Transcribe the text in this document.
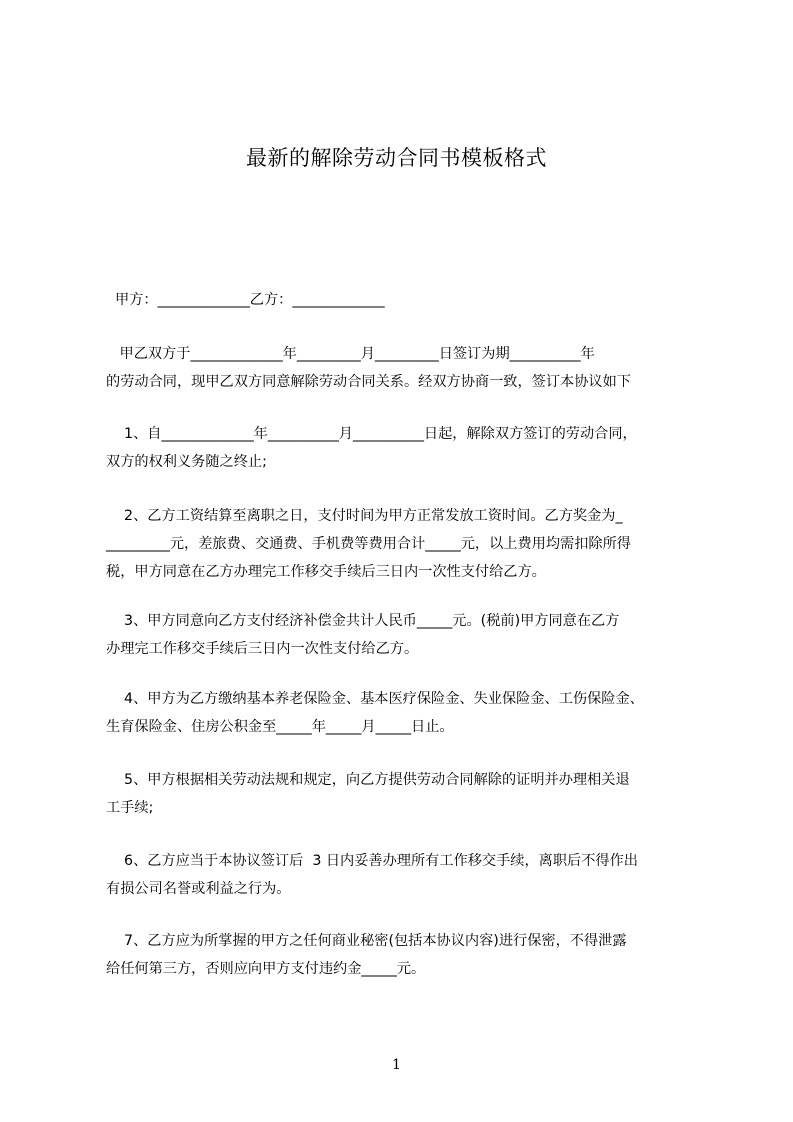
最新的解除劳动合同书模板格式
甲方：_____________乙方：_____________
甲乙双方于_____________年_________月_________日签订为期__________年
的劳动合同，现甲乙双方同意解除劳动合同关系。经双方协商一致，签订本协议如下
1、自_____________年__________月__________日起，解除双方签订的劳动合同，
双方的权利义务随之终止;
2、乙方工资结算至离职之日，支付时间为甲方正常发放工资时间。乙方奖金为_
_________元，差旅费、交通费、手机费等费用合计_____元，以上费用均需扣除所得
税，甲方同意在乙方办理完工作移交手续后三日内一次性支付给乙方。
3、甲方同意向乙方支付经济补偿金共计人民币_____元。(税前)甲方同意在乙方
办理完工作移交手续后三日内一次性支付给乙方。
4、甲方为乙方缴纳基本养老保险金、基本医疗保险金、失业保险金、工伤保险金、
生育保险金、住房公积金至_____年_____月_____日止。
5、甲方根据相关劳动法规和规定，向乙方提供劳动合同解除的证明并办理相关退
工手续;
6、乙方应当于本协议签订后  3 日内妥善办理所有工作移交手续，离职后不得作出
有损公司名誉或利益之行为。
7、乙方应为所掌握的甲方之任何商业秘密(包括本协议内容)进行保密，不得泄露
给任何第三方，否则应向甲方支付违约金_____元。
1
